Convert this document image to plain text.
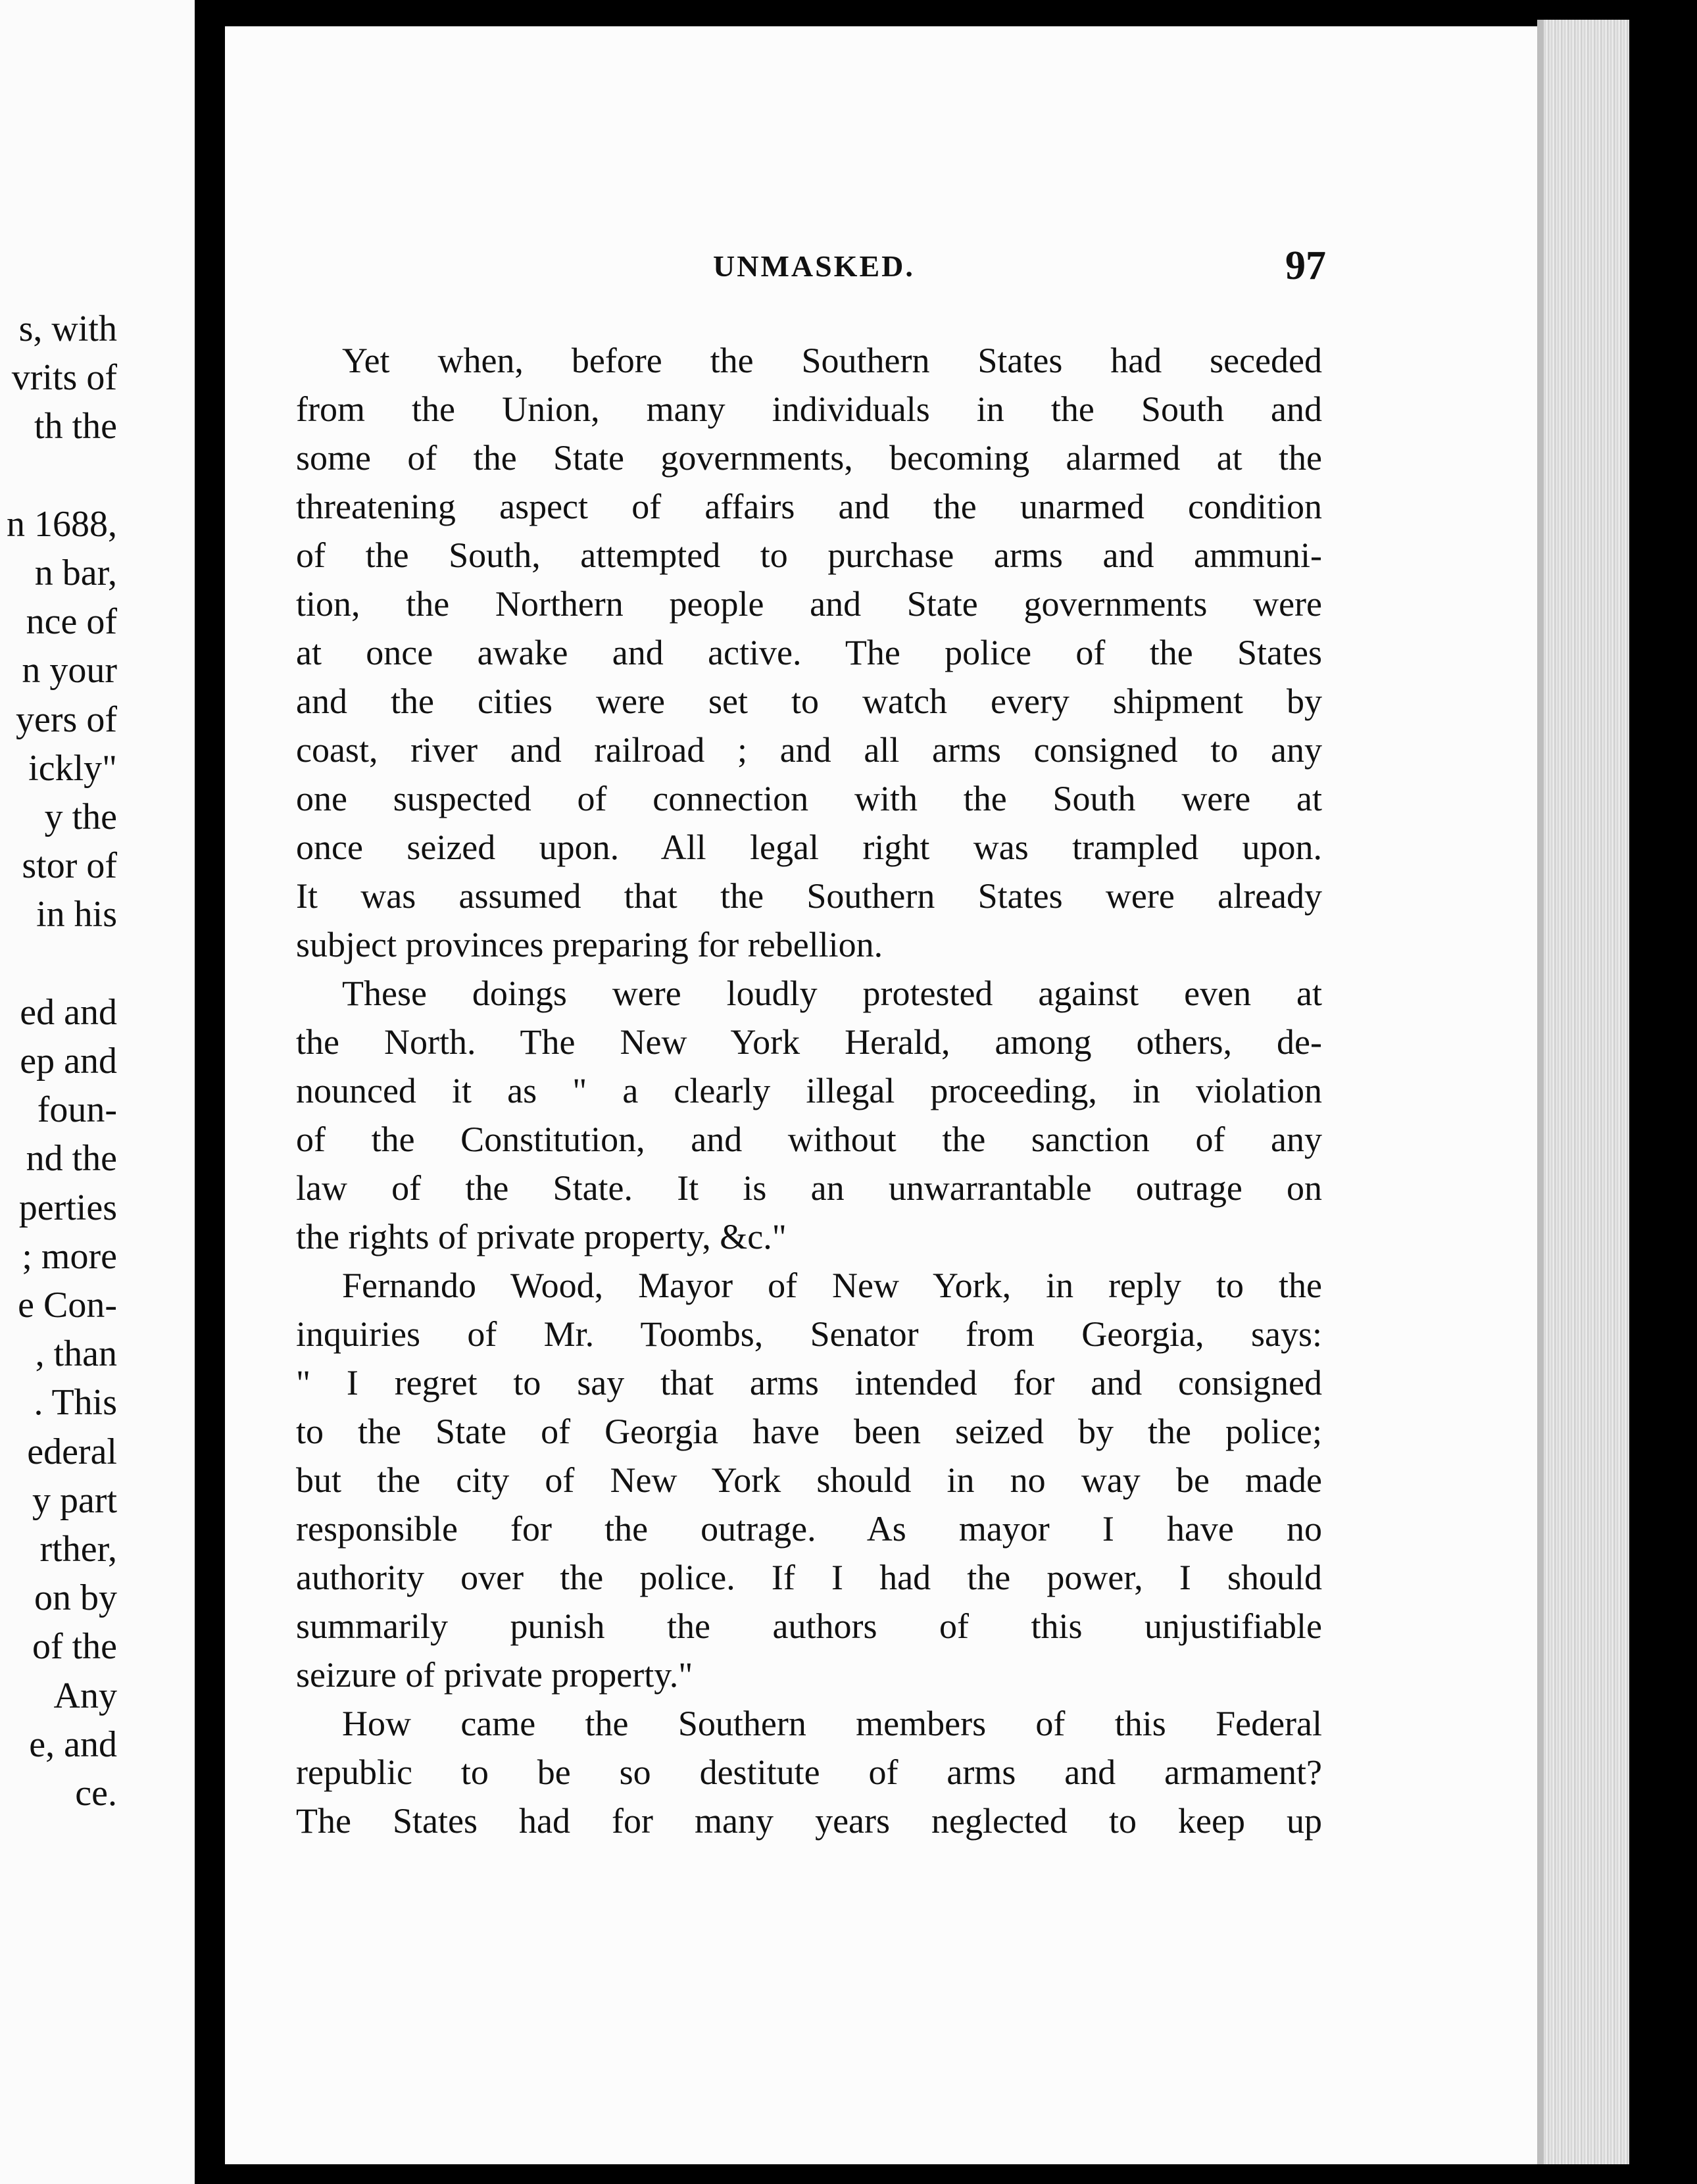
s, with
vrits of
th the
n 1688,
n bar,
nce of
n your
yers of
ickly"
y the
stor of
in his
ed and
ep and
foun-
nd the
perties
; more
e Con-
, than
. This
ederal
y part
rther,
on by
of the
Any
e, and
ce.
UNMASKED.	97
Yet when, before the Southern States had seceded
from the Union, many individuals in the South and
some of the State governments, becoming alarmed at the
threatening aspect of affairs and the unarmed condition
of the South, attempted to purchase arms and ammuni-
tion, the Northern people and State governments were
at once awake and active. The police of the States
and the cities were set to watch every shipment by
coast, river and railroad ; and all arms consigned to any
one suspected of connection with the South were at
once seized upon. All legal right was trampled upon.
It was assumed that the Southern States were already
subject provinces preparing for rebellion.
These doings were loudly protested against even at
the North. The New York Herald, among others, de-
nounced it as " a clearly illegal proceeding, in violation
of the Constitution, and without the sanction of any
law of the State. It is an unwarrantable outrage on
the rights of private property, &c."
Fernando Wood, Mayor of New York, in reply to the
inquiries of Mr. Toombs, Senator from Georgia, says:
" I regret to say that arms intended for and consigned
to the State of Georgia have been seized by the police;
but the city of New York should in no way be made
responsible for the outrage. As mayor I have no
authority over the police. If I had the power, I should
summarily punish the authors of this unjustifiable
seizure of private property."
How came the Southern members of this Federal
republic to be so destitute of arms and armament?
The States had for many years neglected to keep up
